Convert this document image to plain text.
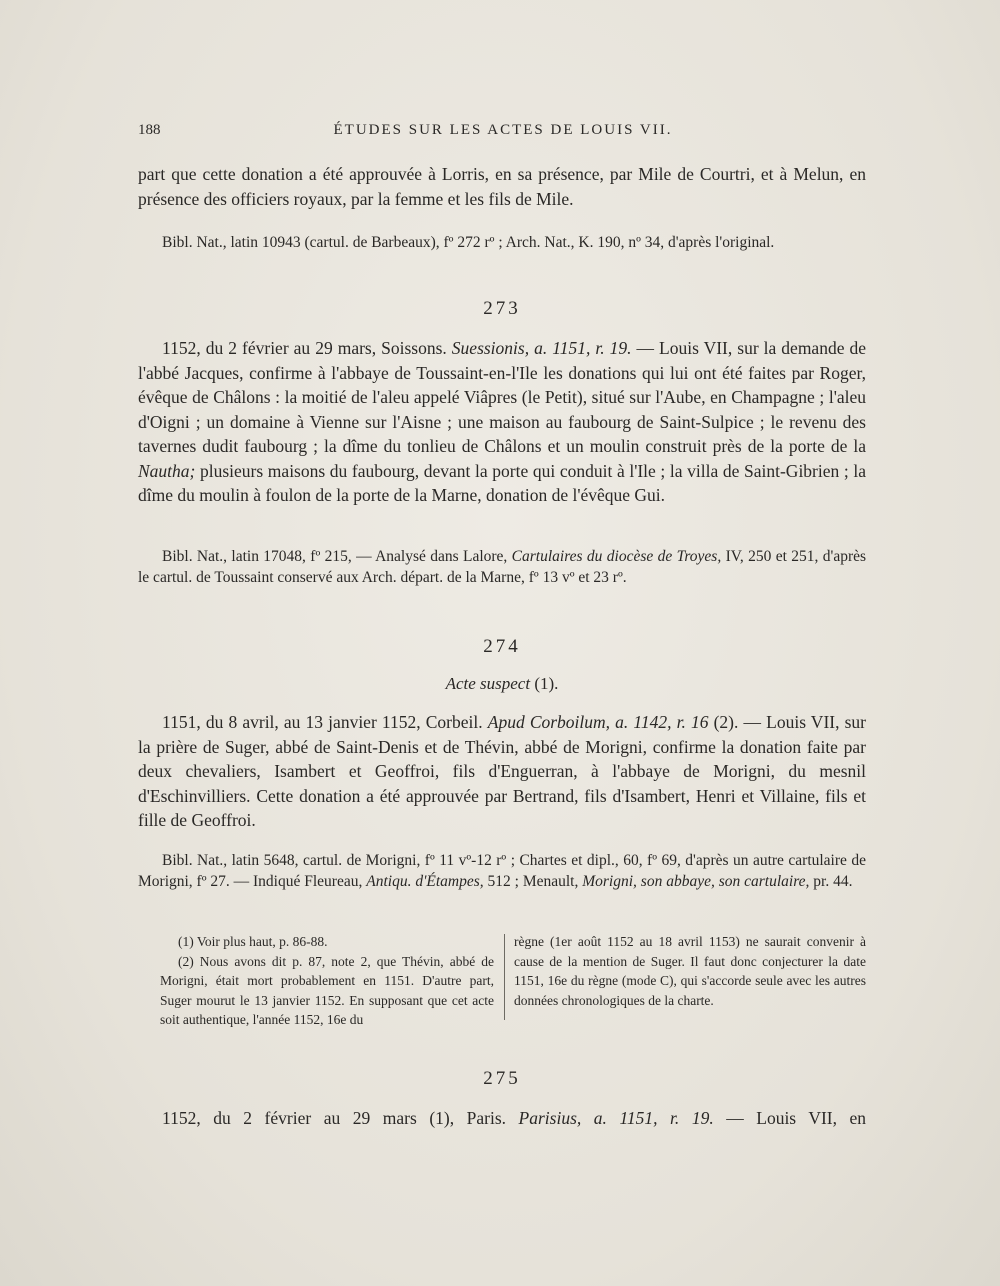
188	ÉTUDES SUR LES ACTES DE LOUIS VII.

part que cette donation a été approuvée à Lorris, en sa présence, par Mile de Courtri, et à Melun, en présence des officiers royaux, par la femme et les fils de Mile.

Bibl. Nat., latin 10943 (cartul. de Barbeaux), fº 272 rº ; Arch. Nat., K. 190, nº 34, d'après l'original.

273

1152, du 2 février au 29 mars, Soissons. Suessionis, a. 1151, r. 19. — Louis VII, sur la demande de l'abbé Jacques, confirme à l'abbaye de Toussaint-en-l'Ile les donations qui lui ont été faites par Roger, évêque de Châlons : la moitié de l'aleu appelé Viâpres (le Petit), situé sur l'Aube, en Champagne ; l'aleu d'Oigni ; un domaine à Vienne sur l'Aisne ; une maison au faubourg de Saint-Sulpice ; le revenu des tavernes dudit faubourg ; la dîme du tonlieu de Châlons et un moulin construit près de la porte de la Nautha; plusieurs maisons du faubourg, devant la porte qui conduit à l'Ile ; la villa de Saint-Gibrien ; la dîme du moulin à foulon de la porte de la Marne, donation de l'évêque Gui.

Bibl. Nat., latin 17048, fº 215, — Analysé dans Lalore, Cartulaires du diocèse de Troyes, IV, 250 et 251, d'après le cartul. de Toussaint conservé aux Arch. départ. de la Marne, fº 13 vº et 23 rº.

274
Acte suspect (1).

1151, du 8 avril, au 13 janvier 1152, Corbeil. Apud Corboilum, a. 1142, r. 16 (2). — Louis VII, sur la prière de Suger, abbé de Saint-Denis et de Thévin, abbé de Morigni, confirme la donation faite par deux chevaliers, Isambert et Geoffroi, fils d'Enguerran, à l'abbaye de Morigni, du mesnil d'Eschinvilliers. Cette donation a été approuvée par Bertrand, fils d'Isambert, Henri et Villaine, fils et fille de Geoffroi.

Bibl. Nat., latin 5648, cartul. de Morigni, fº 11 vº-12 rº ; Chartes et dipl., 60, fº 69, d'après un autre cartulaire de Morigni, fº 27. — Indiqué Fleureau, Antiqu. d'Étampes, 512 ; Menault, Morigni, son abbaye, son cartulaire, pr. 44.

(1) Voir plus haut, p. 86-88.

(2) Nous avons dit p. 87, note 2, que Thévin, abbé de Morigni, était mort probablement en 1151. D'autre part, Suger mourut le 13 janvier 1152. En supposant que cet acte soit authentique, l'année 1152, 16e du

règne (1er août 1152 au 18 avril 1153) ne saurait convenir à cause de la mention de Suger. Il faut donc conjecturer la date 1151, 16e du règne (mode C), qui s'accorde seule avec les autres données chronologiques de la charte.

275

1152, du 2 février au 29 mars (1), Paris. Parisius, a. 1151, r. 19. — Louis VII, en
